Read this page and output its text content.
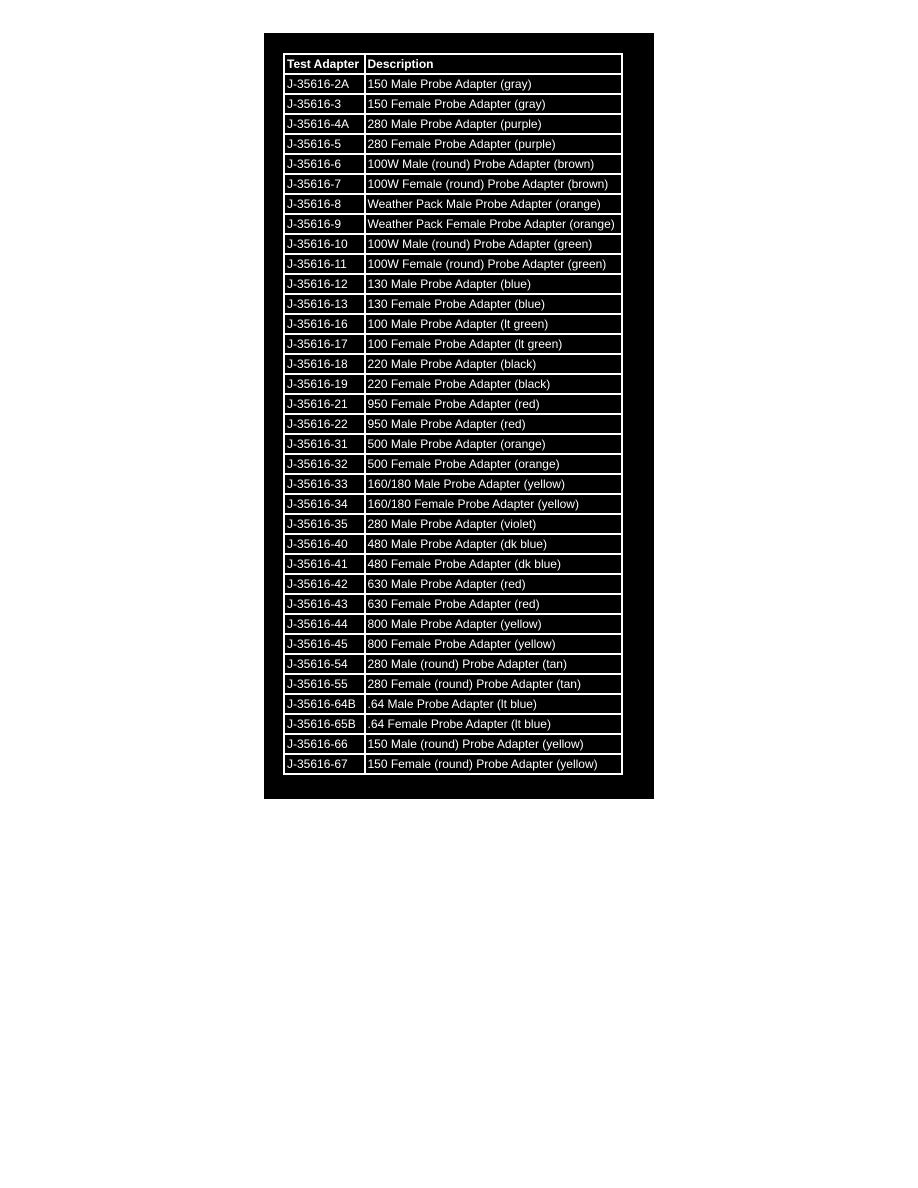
Test Adapter	Description
J-35616-2A	150 Male Probe Adapter (gray)
J-35616-3	150 Female Probe Adapter (gray)
J-35616-4A	280 Male Probe Adapter (purple)
J-35616-5	280 Female Probe Adapter (purple)
J-35616-6	100W Male (round) Probe Adapter (brown)
J-35616-7	100W Female (round) Probe Adapter (brown)
J-35616-8	Weather Pack Male Probe Adapter (orange)
J-35616-9	Weather Pack Female Probe Adapter (orange)
J-35616-10	100W Male (round) Probe Adapter (green)
J-35616-11	100W Female (round) Probe Adapter (green)
J-35616-12	130 Male Probe Adapter (blue)
J-35616-13	130 Female Probe Adapter (blue)
J-35616-16	100 Male Probe Adapter (lt green)
J-35616-17	100 Female Probe Adapter (lt green)
J-35616-18	220 Male Probe Adapter (black)
J-35616-19	220 Female Probe Adapter (black)
J-35616-21	950 Female Probe Adapter (red)
J-35616-22	950 Male Probe Adapter (red)
J-35616-31	500 Male Probe Adapter (orange)
J-35616-32	500 Female Probe Adapter (orange)
J-35616-33	160/180 Male Probe Adapter (yellow)
J-35616-34	160/180 Female Probe Adapter (yellow)
J-35616-35	280 Male Probe Adapter (violet)
J-35616-40	480 Male Probe Adapter (dk blue)
J-35616-41	480 Female Probe Adapter (dk blue)
J-35616-42	630 Male Probe Adapter (red)
J-35616-43	630 Female Probe Adapter (red)
J-35616-44	800 Male Probe Adapter (yellow)
J-35616-45	800 Female Probe Adapter (yellow)
J-35616-54	280 Male (round) Probe Adapter (tan)
J-35616-55	280 Female (round) Probe Adapter (tan)
J-35616-64B	.64 Male Probe Adapter (lt blue)
J-35616-65B	.64 Female Probe Adapter (lt blue)
J-35616-66	150 Male (round) Probe Adapter (yellow)
J-35616-67	150 Female (round) Probe Adapter (yellow)
